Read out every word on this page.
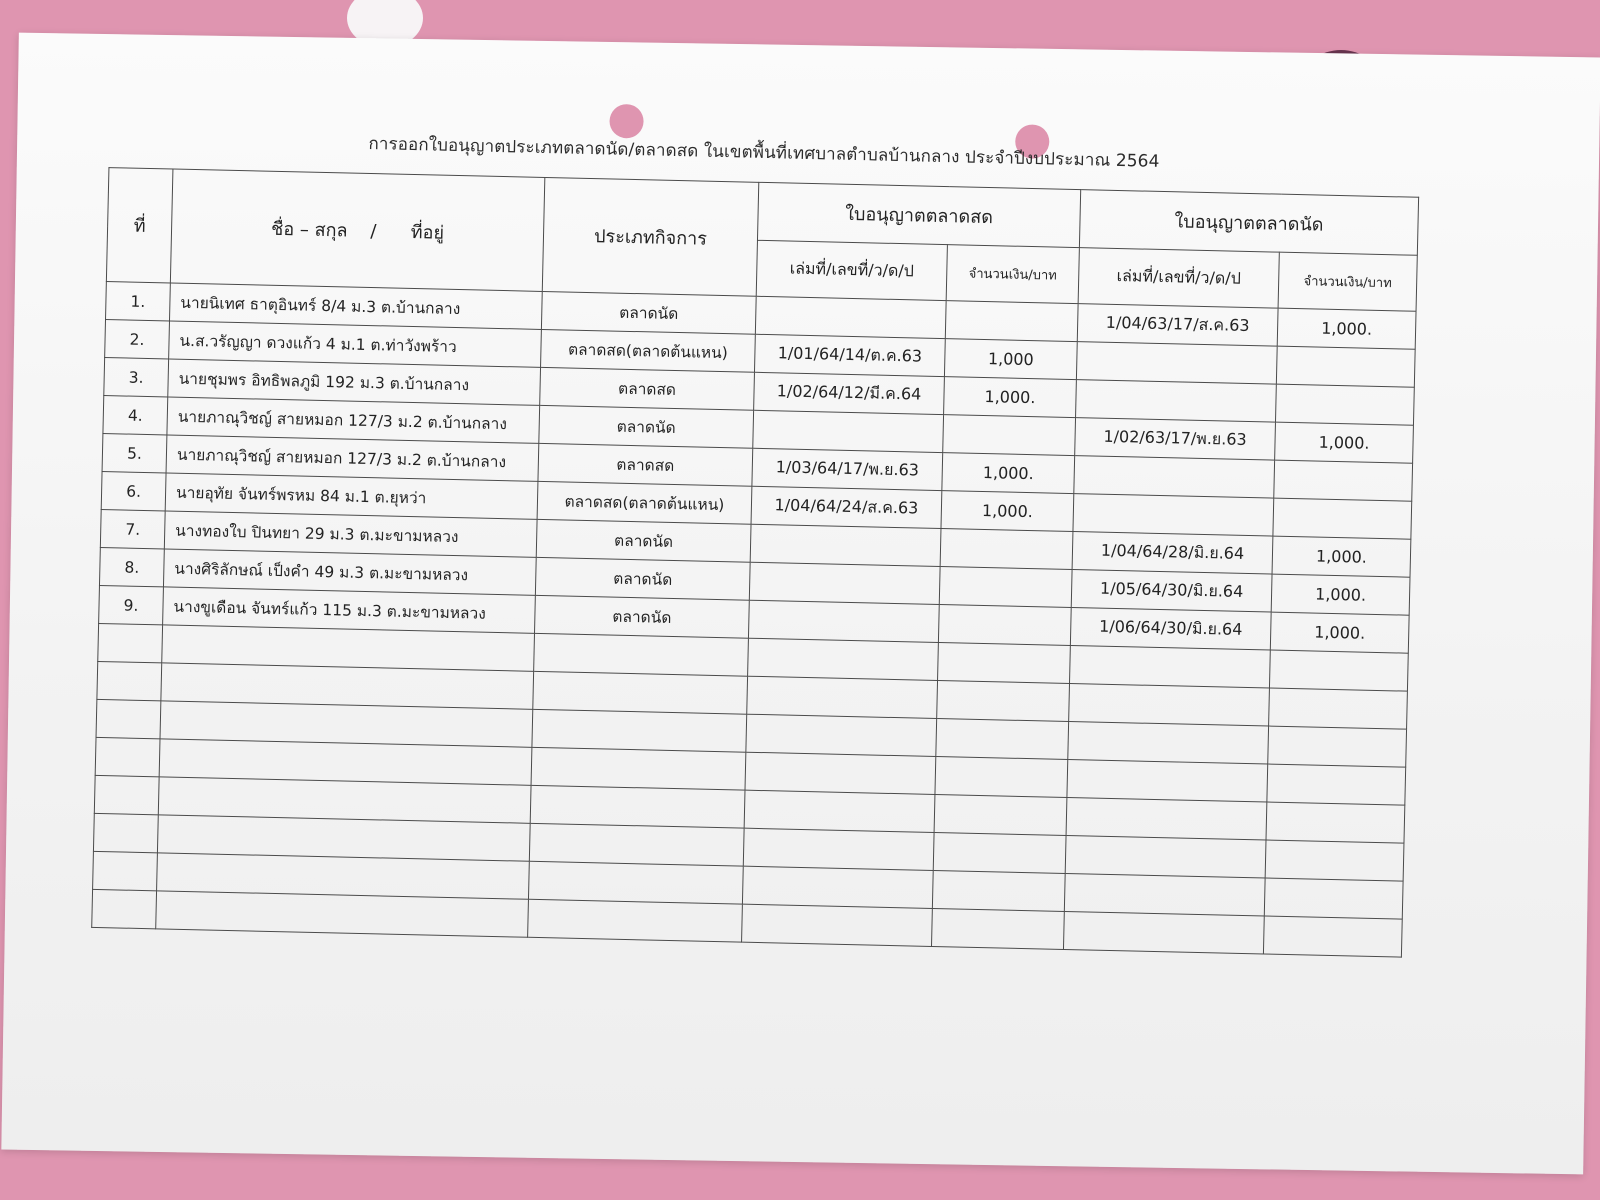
การออกใบอนุญาตประเภทตลาดนัด/ตลาดสด ในเขตพื้นที่เทศบาลตำบลบ้านกลาง ประจำปีงบประมาณ 2564
ที่	ชื่อ – สกุล    /      ที่อยู่	ประเภทกิจการ	ใบอนุญาตตลาดสด		ใบอนุญาตตลาดนัด	
			เล่มที่/เลขที่/ว/ด/ป	จำนวนเงิน/บาท	เล่มที่/เลขที่/ว/ด/ป	จำนวนเงิน/บาท
1.	นายนิเทศ ธาตุอินทร์ 8/4 ม.3 ต.บ้านกลาง	ตลาดนัด			1/04/63/17/ส.ค.63	1,000.
2.	น.ส.วรัญญา ดวงแก้ว 4 ม.1 ต.ท่าวังพร้าว	ตลาดสด(ตลาดต้นแหน)	1/01/64/14/ต.ค.63	1,000		
3.	นายชุมพร อิทธิพลภูมิ 192 ม.3 ต.บ้านกลาง	ตลาดสด	1/02/64/12/มี.ค.64	1,000.		
4.	นายภาณุวิชญ์ สายหมอก 127/3 ม.2 ต.บ้านกลาง	ตลาดนัด			1/02/63/17/พ.ย.63	1,000.
5.	นายภาณุวิชญ์ สายหมอก 127/3 ม.2 ต.บ้านกลาง	ตลาดสด	1/03/64/17/พ.ย.63	1,000.		
6.	นายอุทัย จันทร์พรหม 84 ม.1 ต.ยุหว่า	ตลาดสด(ตลาดต้นแหน)	1/04/64/24/ส.ค.63	1,000.		
7.	นางทองใบ ปินทยา 29 ม.3 ต.มะขามหลวง	ตลาดนัด			1/04/64/28/มิ.ย.64	1,000.
8.	นางศิริลักษณ์ เป็งคำ 49 ม.3 ต.มะขามหลวง	ตลาดนัด			1/05/64/30/มิ.ย.64	1,000.
9.	นางขูเดือน จันทร์แก้ว 115 ม.3 ต.มะขามหลวง	ตลาดนัด			1/06/64/30/มิ.ย.64	1,000.
